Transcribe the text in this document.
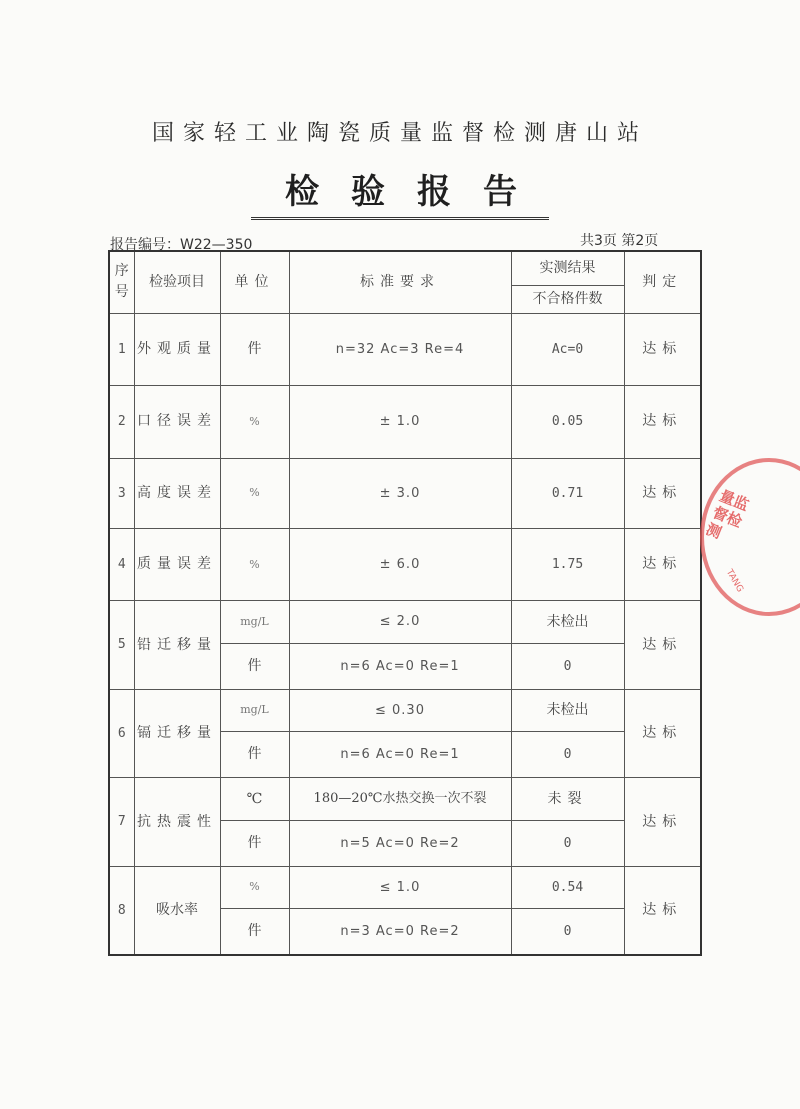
国家轻工业陶瓷质量监督检测唐山站
检验报告
报告编号：W22—350	共3页 第2页
序号	检验项目	单位	标准要求	实测结果	判定
				不合格件数	
1	外观质量	件	n=32 Ac=3 Re=4	Ac=0	达标
2	口径误差	%	± 1.0	0.05	达标
3	高度误差	%	± 3.0	0.71	达标
4	质量误差	%	± 6.0	1.75	达标
5	铅迁移量	mg/L	≤ 2.0	未检出	达标
		件	n=6 Ac=0 Re=1	0	
6	镉迁移量	mg/L	≤ 0.30	未检出	达标
		件	n=6 Ac=0 Re=1	0	
7	抗热震性	℃	180—20℃水热交换一次不裂	未裂	达标
		件	n=5 Ac=0 Re=2	0	
8	吸水率	%	≤ 1.0	0.54	达标
		件	n=3 Ac=0 Re=2	0	
量监督检测
TANG
